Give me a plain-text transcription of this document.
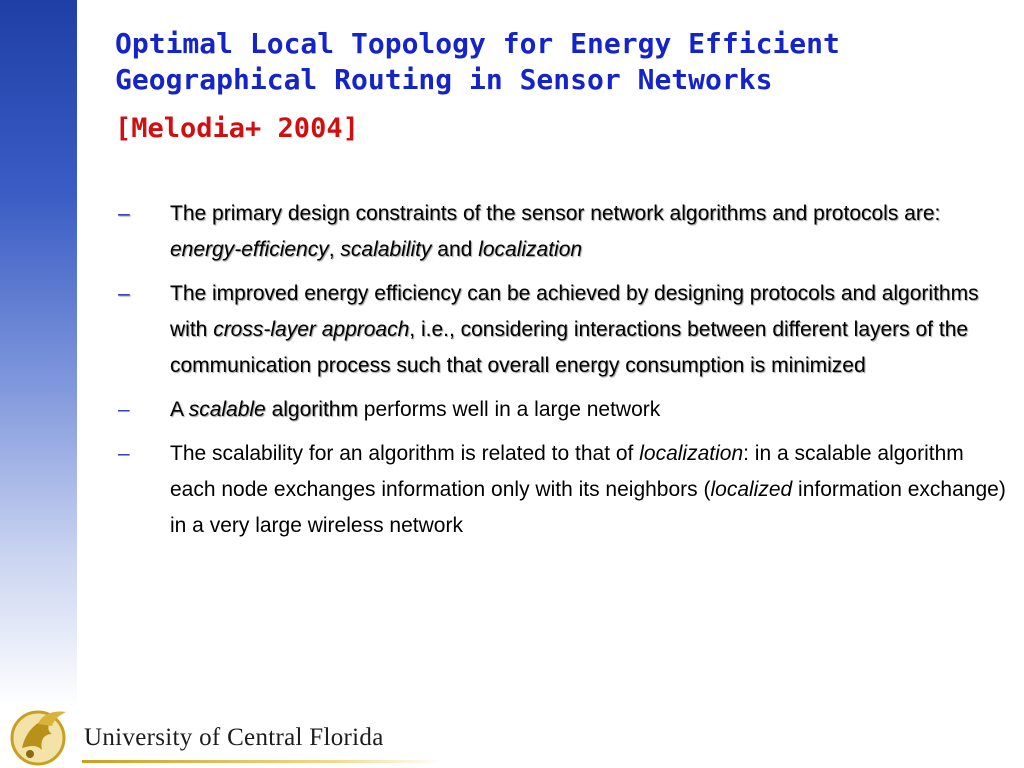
Optimal Local Topology for Energy Efficient Geographical Routing in Sensor Networks
[Melodia+ 2004]
– The primary design constraints of the sensor network algorithms and protocols are: energy-efficiency, scalability and localization
– The improved energy efficiency can be achieved by designing protocols and algorithms with cross-layer approach, i.e., considering interactions between different layers of the communication process such that overall energy consumption is minimized
– A scalable algorithm performs well in a large network
– The scalability for an algorithm is related to that of localization: in a scalable algorithm each node exchanges information only with its neighbors (localized information exchange) in a very large wireless network
University of Central Florida
